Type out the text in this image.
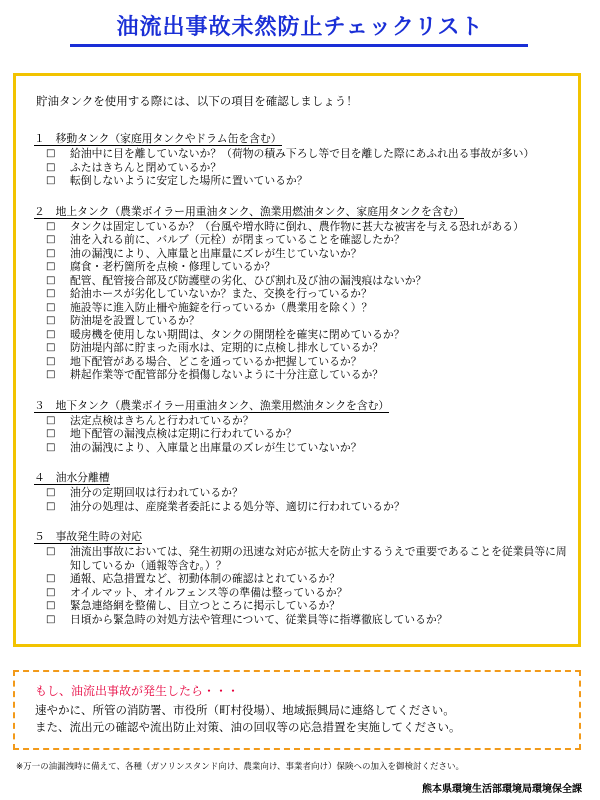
油流出事故未然防止チェックリスト
貯油タンクを使用する際には、以下の項目を確認しましょう！
１　移動タンク（家庭用タンクやドラム缶を含む）
□	給油中に目を離していないか？（荷物の積み下ろし等で目を離した際にあふれ出る事故が多い）
□	ふたはきちんと閉めているか？
□	転倒しないように安定した場所に置いているか？
２　地上タンク（農業ボイラー用重油タンク、漁業用燃油タンク、家庭用タンクを含む）
□	タンクは固定しているか？（台風や増水時に倒れ、農作物に甚大な被害を与える恐れがある）
□	油を入れる前に、バルブ（元栓）が閉まっていることを確認したか？
□	油の漏洩により、入庫量と出庫量にズレが生じていないか？
□	腐食・老朽箇所を点検・修理しているか？
□	配管、配管接合部及び防護壁の劣化、ひび割れ及び油の漏洩痕はないか？
□	給油ホースが劣化していないか？また、交換を行っているか？
□	施設等に進入防止柵や施錠を行っているか（農業用を除く）？
□	防油堤を設置しているか？
□	暖房機を使用しない期間は、タンクの開閉栓を確実に閉めているか？
□	防油堤内部に貯まった雨水は、定期的に点検し排水しているか？
□	地下配管がある場合、どこを通っているか把握しているか？
□	耕起作業等で配管部分を損傷しないように十分注意しているか？
３　地下タンク（農業ボイラー用重油タンク、漁業用燃油タンクを含む）
□	法定点検はきちんと行われているか？
□	地下配管の漏洩点検は定期に行われているか？
□	油の漏洩により、入庫量と出庫量のズレが生じていないか？
４　油水分離槽
□	油分の定期回収は行われているか？
□	油分の処理は、産廃業者委託による処分等、適切に行われているか？
５　事故発生時の対応
□	油流出事故においては、発生初期の迅速な対応が拡大を防止するうえで重要であることを従業員等に周知しているか（通報等含む。）？
□	通報、応急措置など、初動体制の確認はとれているか？
□	オイルマット、オイルフェンス等の準備は整っているか？
□	緊急連絡網を整備し、目立つところに掲示しているか？
□	日頃から緊急時の対処方法や管理について、従業員等に指導徹底しているか？
もし、油流出事故が発生したら・・・
速やかに、所管の消防署、市役所（町村役場）、地域振興局に連絡してください。
また、流出元の確認や流出防止対策、油の回収等の応急措置を実施してください。
※万一の油漏洩時に備えて、各種（ガソリンスタンド向け、農業向け、事業者向け）保険への加入を御検討ください。
熊本県環境生活部環境局環境保全課
